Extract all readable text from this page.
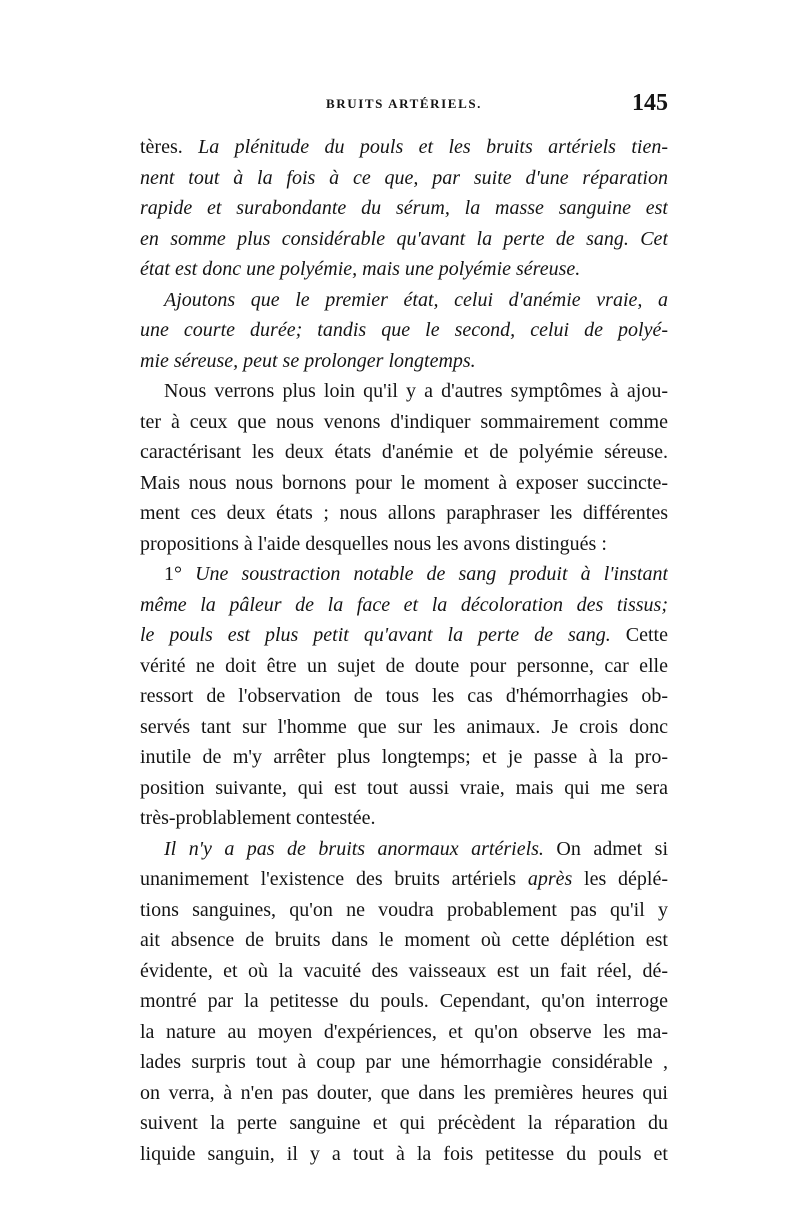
BRUITS ARTÉRIELS.	145
tères. La plénitude du pouls et les bruits artériels tien-
nent tout à la fois à ce que, par suite d'une réparation
rapide et surabondante du sérum, la masse sanguine est
en somme plus considérable qu'avant la perte de sang. Cet
état est donc une polyémie, mais une polyémie séreuse.
Ajoutons que le premier état, celui d'anémie vraie, a
une courte durée; tandis que le second, celui de polyé-
mie séreuse, peut se prolonger longtemps.
Nous verrons plus loin qu'il y a d'autres symptômes à ajou-
ter à ceux que nous venons d'indiquer sommairement comme
caractérisant les deux états d'anémie et de polyémie séreuse.
Mais nous nous bornons pour le moment à exposer succincte-
ment ces deux états ; nous allons paraphraser les différentes
propositions à l'aide desquelles nous les avons distingués :
1° Une soustraction notable de sang produit à l'instant
même la pâleur de la face et la décoloration des tissus;
le pouls est plus petit qu'avant la perte de sang. Cette
vérité ne doit être un sujet de doute pour personne, car elle
ressort de l'observation de tous les cas d'hémorrhagies ob-
servés tant sur l'homme que sur les animaux. Je crois donc
inutile de m'y arrêter plus longtemps; et je passe à la pro-
position suivante, qui est tout aussi vraie, mais qui me sera
très-problablement contestée.
Il n'y a pas de bruits anormaux artériels. On admet si
unanimement l'existence des bruits artériels après les déplé-
tions sanguines, qu'on ne voudra probablement pas qu'il y
ait absence de bruits dans le moment où cette déplétion est
évidente, et où la vacuité des vaisseaux est un fait réel, dé-
montré par la petitesse du pouls. Cependant, qu'on interroge
la nature au moyen d'expériences, et qu'on observe les ma-
lades surpris tout à coup par une hémorrhagie considérable ,
on verra, à n'en pas douter, que dans les premières heures qui
suivent la perte sanguine et qui précèdent la réparation du
liquide sanguin, il y a tout à la fois petitesse du pouls et
